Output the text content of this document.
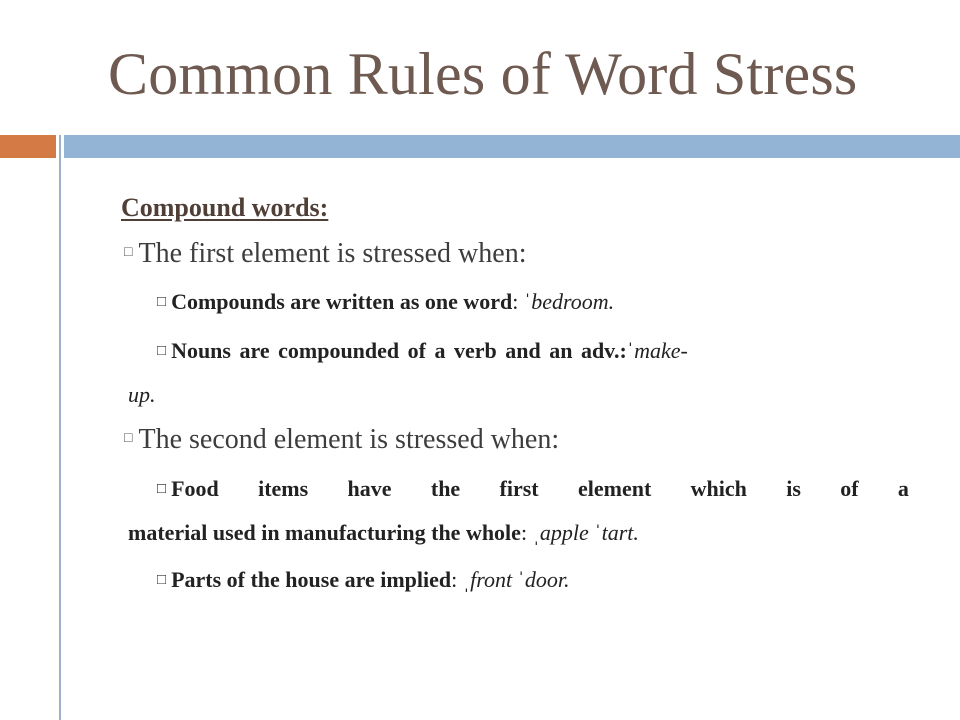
Common Rules of Word Stress
Compound words:
□ The first element is stressed when:
□ Compounds are written as one word: ˈbedroom.
□ Nouns are compounded of a verb and an adv.:ˈmake-
up.
□ The second element is stressed when:
□ Food items have the first element which is of a
material used in manufacturing the whole: ˌapple ˈtart.
□ Parts of the house are implied: ˌfront ˈdoor.
